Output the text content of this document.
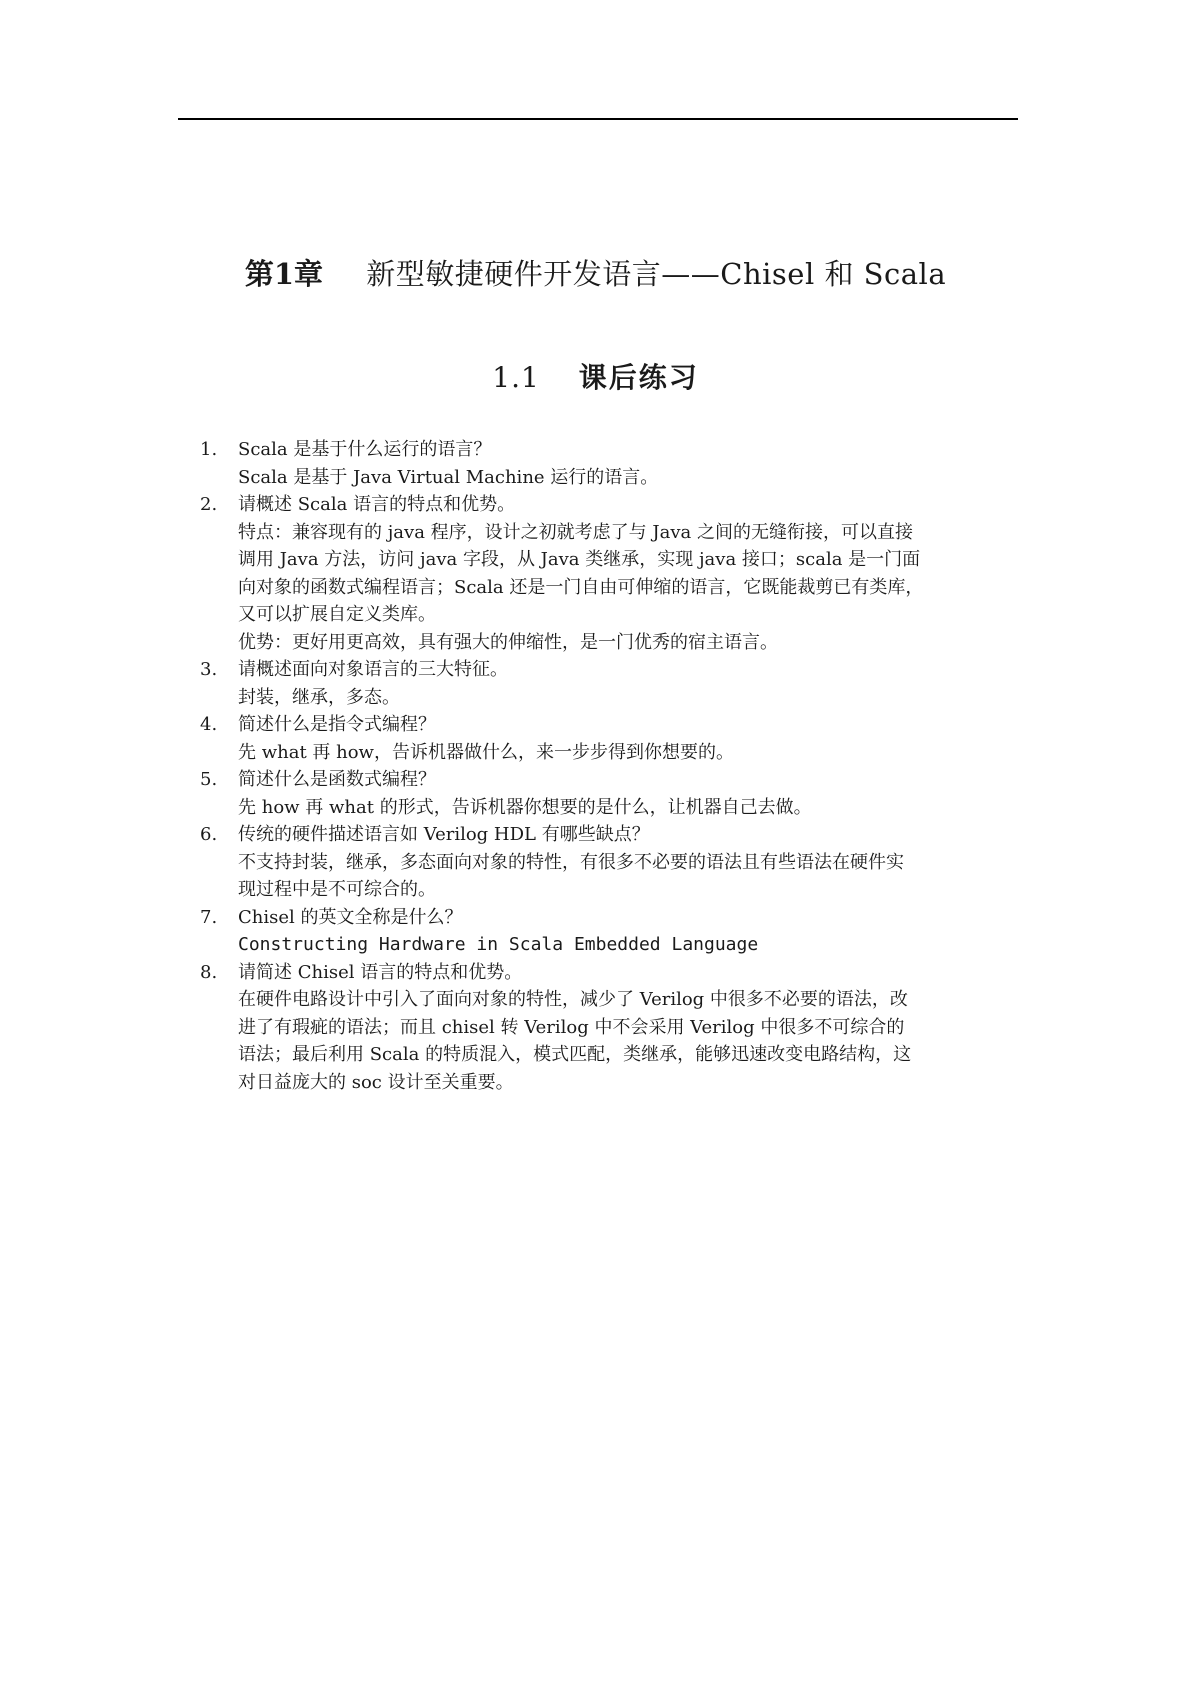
第1章 新型敏捷硬件开发语言——Chisel 和 Scala
1.1 课后练习
1. Scala 是基于什么运行的语言？
Scala 是基于 Java Virtual Machine 运行的语言。
2. 请概述 Scala 语言的特点和优势。
特点：兼容现有的 java 程序，设计之初就考虑了与 Java 之间的无缝衔接，可以直接
调用 Java 方法，访问 java 字段，从 Java 类继承，实现 java 接口；scala 是一门面
向对象的函数式编程语言；Scala 还是一门自由可伸缩的语言，它既能裁剪已有类库，
又可以扩展自定义类库。
优势：更好用更高效，具有强大的伸缩性，是一门优秀的宿主语言。
3. 请概述面向对象语言的三大特征。
封装，继承，多态。
4. 简述什么是指令式编程？
先 what 再 how，告诉机器做什么，来一步步得到你想要的。
5. 简述什么是函数式编程？
先 how 再 what 的形式，告诉机器你想要的是什么，让机器自己去做。
6. 传统的硬件描述语言如 Verilog HDL 有哪些缺点？
不支持封装，继承，多态面向对象的特性，有很多不必要的语法且有些语法在硬件实
现过程中是不可综合的。
7. Chisel 的英文全称是什么？
Constructing Hardware in Scala Embedded Language
8. 请简述 Chisel 语言的特点和优势。
在硬件电路设计中引入了面向对象的特性，减少了 Verilog 中很多不必要的语法，改
进了有瑕疵的语法；而且 chisel 转 Verilog 中不会采用 Verilog 中很多不可综合的
语法；最后利用 Scala 的特质混入，模式匹配，类继承，能够迅速改变电路结构，这
对日益庞大的 soc 设计至关重要。
